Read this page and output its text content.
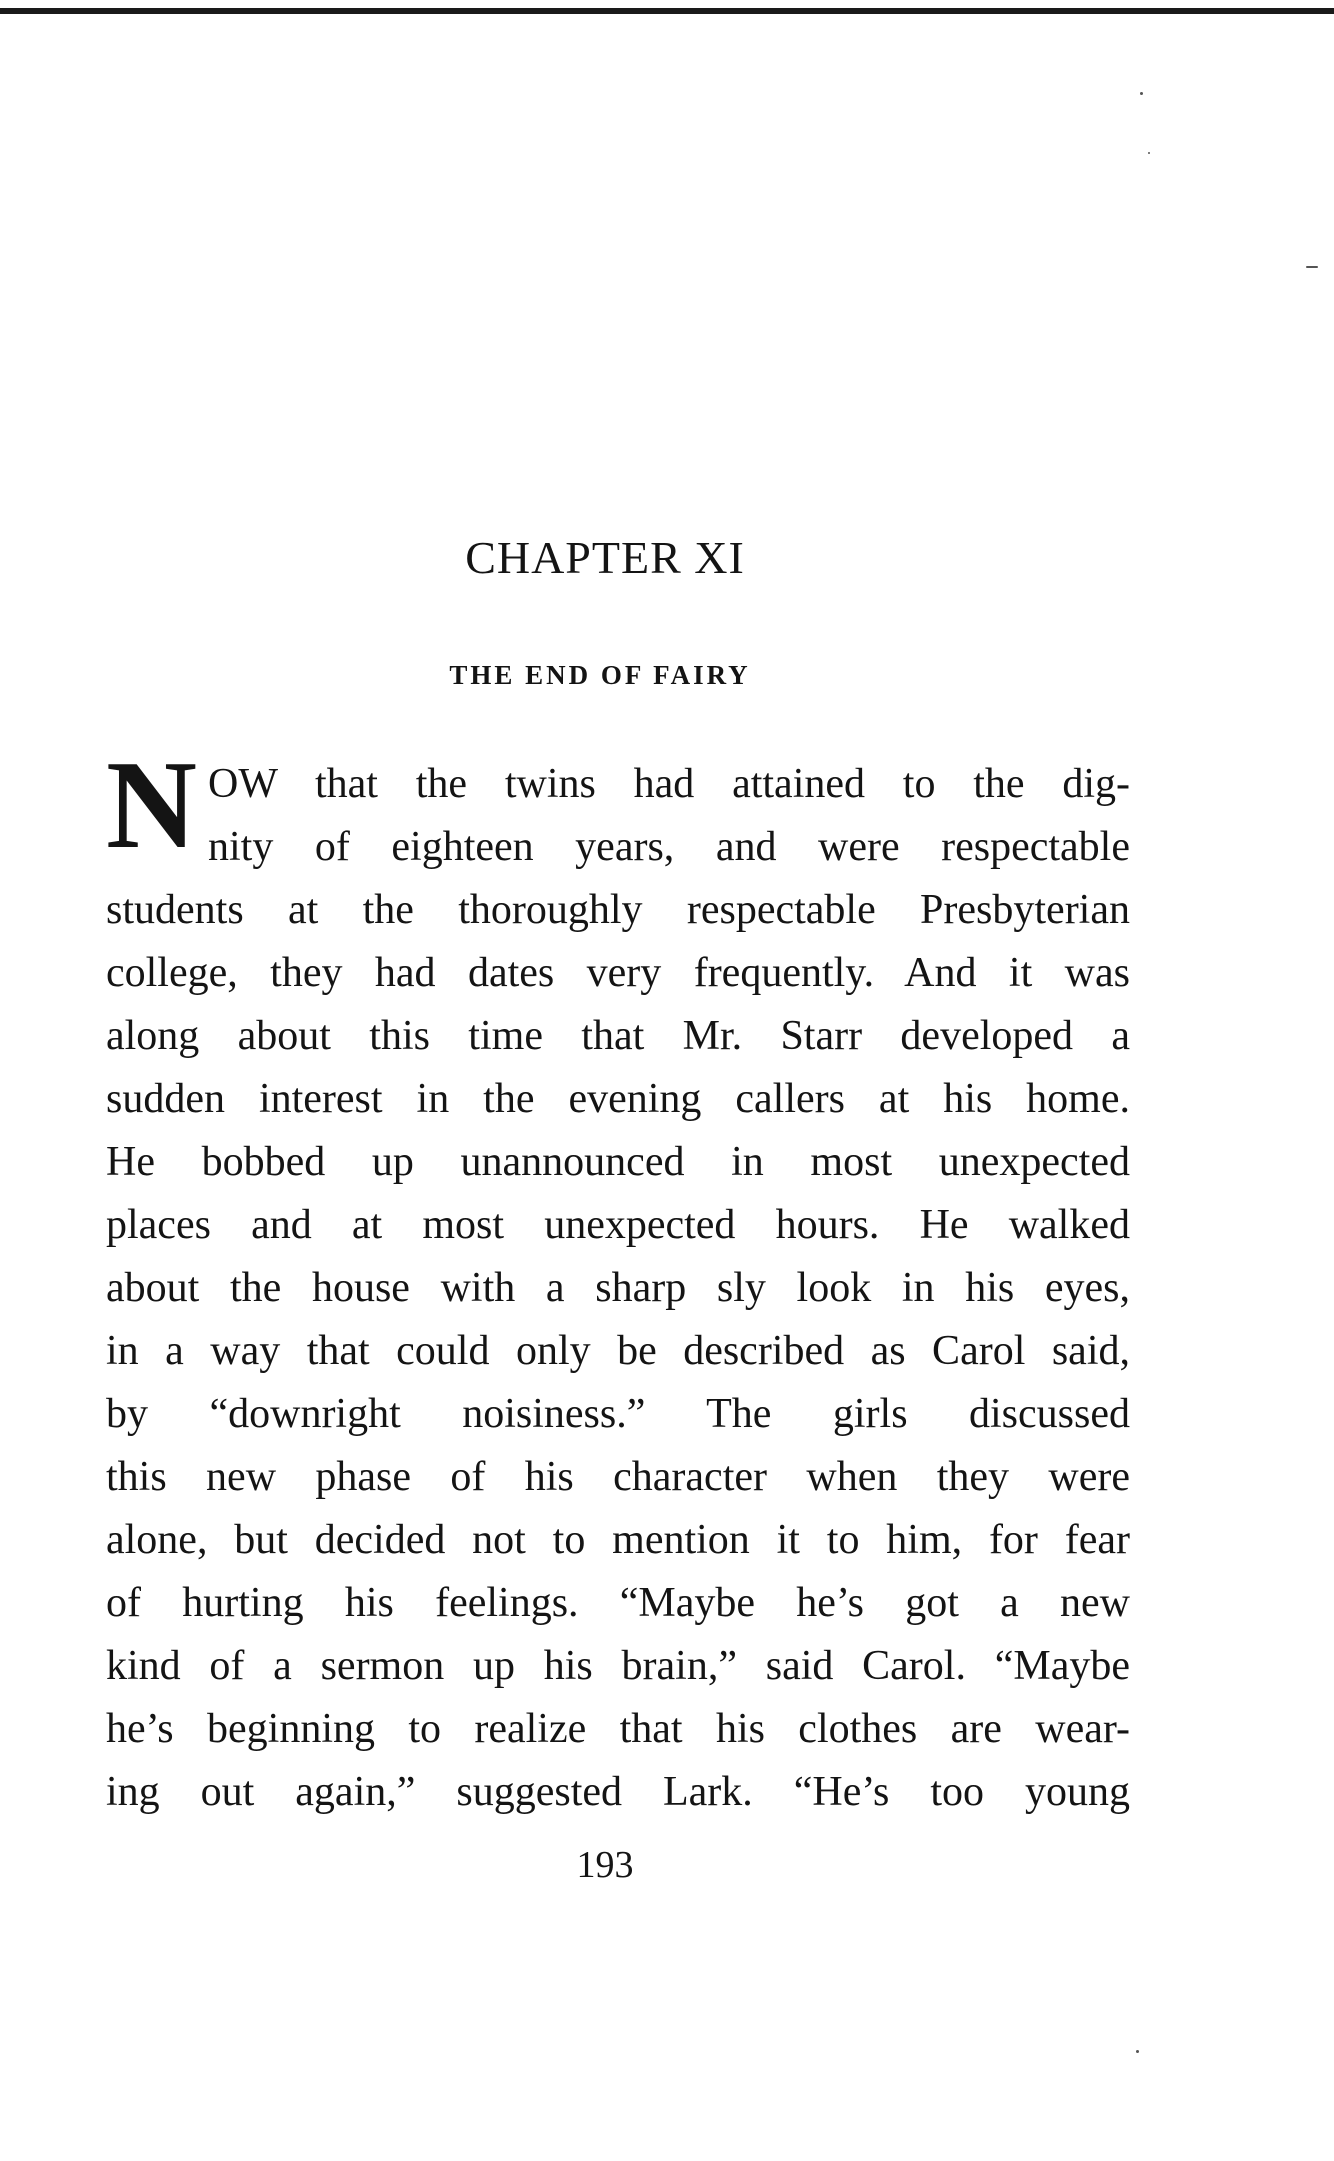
CHAPTER XI
THE END OF FAIRY
N OW that the twins had attained to the dig-
nity of eighteen years, and were respectable
students at the thoroughly respectable Presbyterian
college, they had dates very frequently. And it was
along about this time that Mr. Starr developed a
sudden interest in the evening callers at his home.
He bobbed up unannounced in most unexpected
places and at most unexpected hours. He walked
about the house with a sharp sly look in his eyes,
in a way that could only be described as Carol said,
by “downright noisiness.” The girls discussed
this new phase of his character when they were
alone, but decided not to mention it to him, for fear
of hurting his feelings. “Maybe he’s got a new
kind of a sermon up his brain,” said Carol. “Maybe
he’s beginning to realize that his clothes are wear-
ing out again,” suggested Lark. “He’s too young
193
